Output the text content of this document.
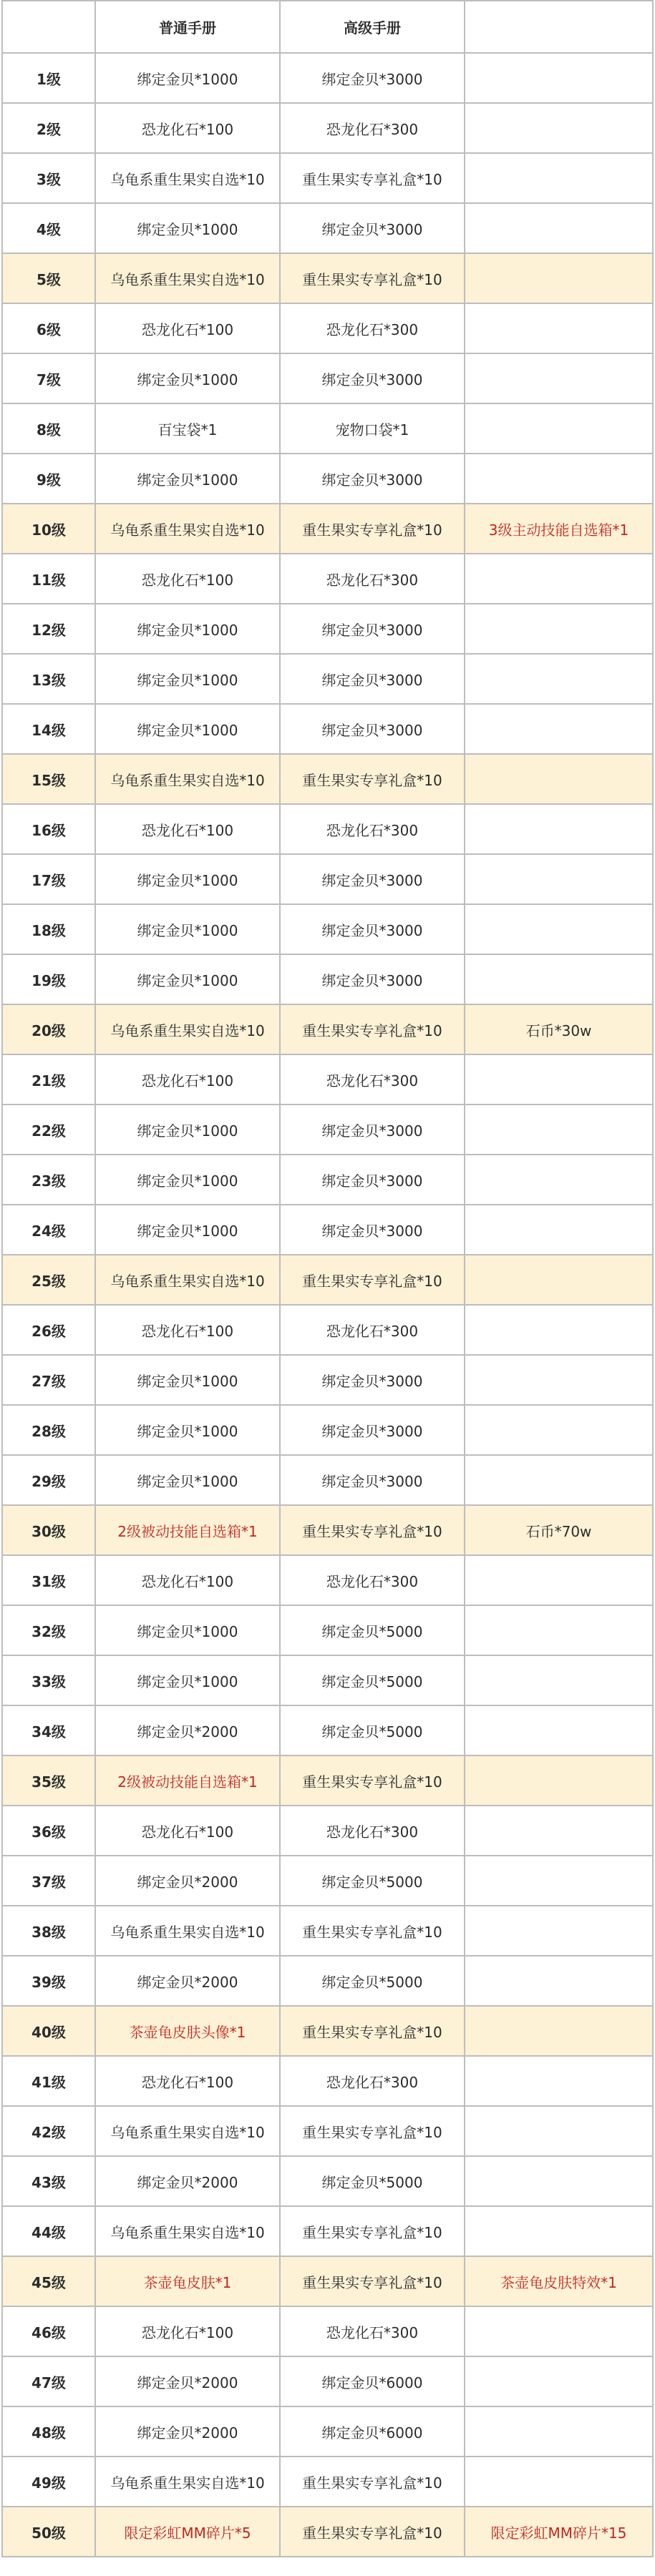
	普通手册	高级手册	
1级	绑定金贝*1000	绑定金贝*3000	
2级	恐龙化石*100	恐龙化石*300	
3级	乌龟系重生果实自选*10	重生果实专享礼盒*10	
4级	绑定金贝*1000	绑定金贝*3000	
5级	乌龟系重生果实自选*10	重生果实专享礼盒*10	
6级	恐龙化石*100	恐龙化石*300	
7级	绑定金贝*1000	绑定金贝*3000	
8级	百宝袋*1	宠物口袋*1	
9级	绑定金贝*1000	绑定金贝*3000	
10级	乌龟系重生果实自选*10	重生果实专享礼盒*10	3级主动技能自选箱*1
11级	恐龙化石*100	恐龙化石*300	
12级	绑定金贝*1000	绑定金贝*3000	
13级	绑定金贝*1000	绑定金贝*3000	
14级	绑定金贝*1000	绑定金贝*3000	
15级	乌龟系重生果实自选*10	重生果实专享礼盒*10	
16级	恐龙化石*100	恐龙化石*300	
17级	绑定金贝*1000	绑定金贝*3000	
18级	绑定金贝*1000	绑定金贝*3000	
19级	绑定金贝*1000	绑定金贝*3000	
20级	乌龟系重生果实自选*10	重生果实专享礼盒*10	石币*30w
21级	恐龙化石*100	恐龙化石*300	
22级	绑定金贝*1000	绑定金贝*3000	
23级	绑定金贝*1000	绑定金贝*3000	
24级	绑定金贝*1000	绑定金贝*3000	
25级	乌龟系重生果实自选*10	重生果实专享礼盒*10	
26级	恐龙化石*100	恐龙化石*300	
27级	绑定金贝*1000	绑定金贝*3000	
28级	绑定金贝*1000	绑定金贝*3000	
29级	绑定金贝*1000	绑定金贝*3000	
30级	2级被动技能自选箱*1	重生果实专享礼盒*10	石币*70w
31级	恐龙化石*100	恐龙化石*300	
32级	绑定金贝*1000	绑定金贝*5000	
33级	绑定金贝*1000	绑定金贝*5000	
34级	绑定金贝*2000	绑定金贝*5000	
35级	2级被动技能自选箱*1	重生果实专享礼盒*10	
36级	恐龙化石*100	恐龙化石*300	
37级	绑定金贝*2000	绑定金贝*5000	
38级	乌龟系重生果实自选*10	重生果实专享礼盒*10	
39级	绑定金贝*2000	绑定金贝*5000	
40级	茶壶龟皮肤头像*1	重生果实专享礼盒*10	
41级	恐龙化石*100	恐龙化石*300	
42级	乌龟系重生果实自选*10	重生果实专享礼盒*10	
43级	绑定金贝*2000	绑定金贝*5000	
44级	乌龟系重生果实自选*10	重生果实专享礼盒*10	
45级	茶壶龟皮肤*1	重生果实专享礼盒*10	茶壶龟皮肤特效*1
46级	恐龙化石*100	恐龙化石*300	
47级	绑定金贝*2000	绑定金贝*6000	
48级	绑定金贝*2000	绑定金贝*6000	
49级	乌龟系重生果实自选*10	重生果实专享礼盒*10	
50级	限定彩虹MM碎片*5	重生果实专享礼盒*10	限定彩虹MM碎片*15
